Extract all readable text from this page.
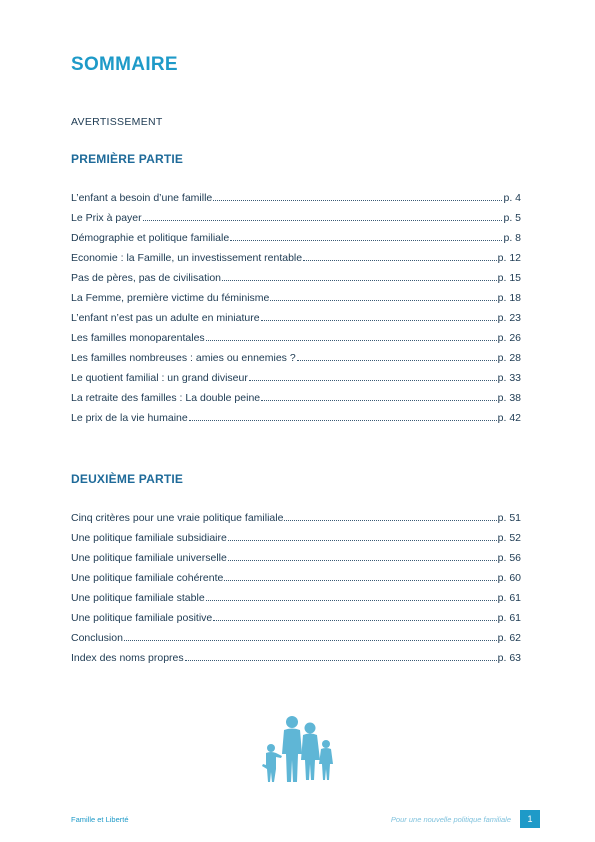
SOMMAIRE
AVERTISSEMENT
PREMIÈRE PARTIE
L’enfant a besoin d’une famille	p. 4
Le Prix à payer	p. 5
Démographie et politique familiale	p. 8
Economie : la Famille, un investissement rentable	p. 12
Pas de pères, pas de civilisation	p. 15
La Femme, première victime du féminisme	p. 18
L’enfant n’est pas un adulte en miniature	p. 23
Les familles monoparentales	p. 26
Les familles nombreuses : amies ou ennemies ?	p. 28
Le quotient familial : un grand diviseur	p. 33
La retraite des familles : La double peine	p. 38
Le prix de la vie humaine	p. 42
DEUXIÈME PARTIE
Cinq critères pour une vraie politique familiale	p. 51
Une politique familiale subsidiaire	p. 52
Une politique familiale universelle	p. 56
Une politique familiale cohérente	p. 60
Une politique familiale stable	p. 61
Une politique familiale positive	p. 61
Conclusion	p. 62
Index des noms propres	p. 63
Famille et Liberté	Pour une nouvelle politique familiale	1
